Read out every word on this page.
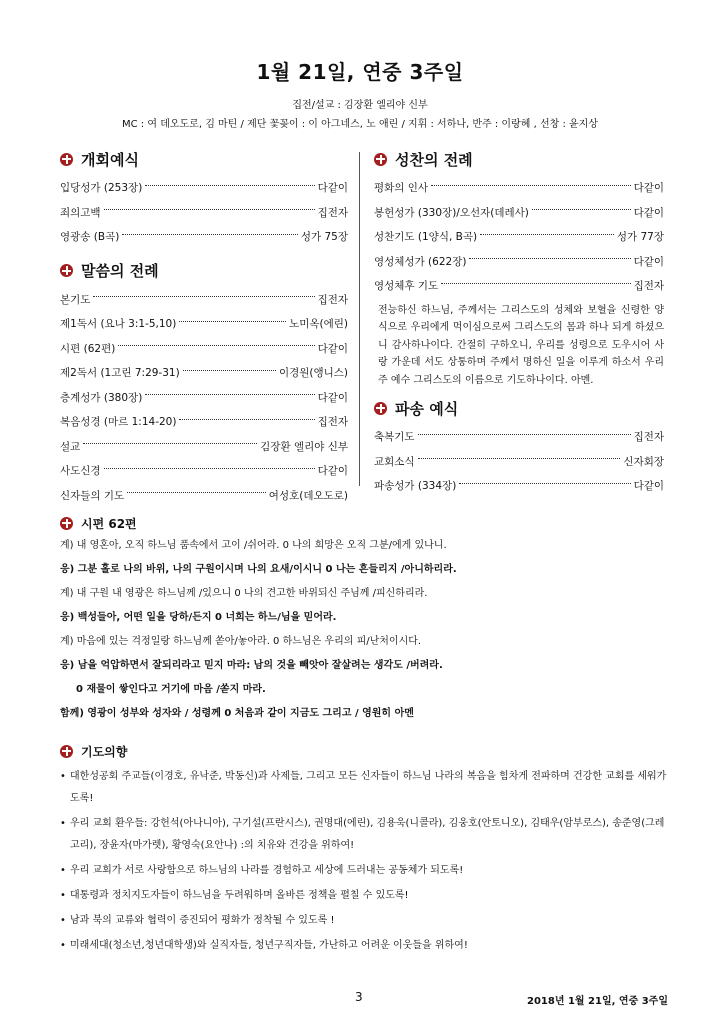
1월 21일, 연중 3주일
집전/설교 : 김장환 엘리야 신부
MC : 여 데오도로, 김 마틴 / 제단 꽃꽂이 : 이 아그네스, 노 애린 / 지휘 : 서하나, 반주 : 이랑혜 , 선창 : 윤지상
개회예식
입당성가 (253장)	다같이
죄의고백	집전자
영광송 (B곡)	성가 75장
말씀의 전례
본기도	집전자
제1독서 (요나 3:1-5,10)	노미옥(에린)
시편 (62편)	다같이
제2독서 (1고린 7:29-31)	이경원(앵니스)
층계성가 (380장)	다같이
복음성경 (마르 1:14-20)	집전자
설교	김장환 엘리야 신부
사도신경	다같이
신자들의 기도	여성호(데오도로)
성찬의 전례
평화의 인사	다같이
봉헌성가 (330장)/오선자(데레사)	다같이
성찬기도 (1양식, B곡)	성가 77장
영성체성가 (622장)	다같이
영성체후 기도	집전자

전능하신 하느님, 주께서는 그리스도의 성체와 보혈을 신령한 양식으로 우리에게 먹이심으로써 그리스도의 몸과 하나 되게 하셨으니 감사하나이다. 간절히 구하오니, 우리를 성령으로 도우시어 사랑 가운데 서도 상통하며 주께서 명하신 일을 이루게 하소서 우리 주 예수 그리스도의 이름으로 기도하나이다. 아멘.

파송 예식
축복기도	집전자
교회소식	신자회장
파송성가 (334장)	다같이
시편 62편
계) 내 영혼아, 오직 하느님 품속에서 고이 /쉬어라. 0 나의 희망은 오직 그분/에게 있나니.
응) 그분 홀로 나의 바위, 나의 구원이시며 나의 요새/이시니 0 나는 흔들리지 /아니하리라.
계) 내 구원 내 영광은 하느님께 /있으니 0 나의 견고한 바위되신 주님께 /피신하리라.
응) 백성들아, 어떤 일을 당하/든지 0 너희는 하느/님을 믿어라.
계) 마음에 있는 걱정일랑 하느님께 쏟아/놓아라. 0 하느님은 우리의 피/난처이시다.
응) 남을 억압하면서 잘되리라고 믿지 마라: 남의 것을 빼앗아 잘살려는 생각도 /버려라.
0 재물이 쌓인다고 거기에 마음 /쏟지 마라.
함께) 영광이 성부와 성자와 / 성령께 0 처음과 같이 지금도 그리고 / 영원히 아멘
기도의향
• 대한성공회 주교들(이경호, 유낙준, 박동신)과 사제들, 그리고 모든 신자들이 하느님 나라의 복음을 힘차게 전파하며 건강한 교회를 세워가도록!
• 우리 교회 환우들: 강헌석(아나니아), 구기설(프란시스), 권명대(에린), 김용욱(니콜라), 김웅호(안토니오), 김태우(암부로스), 송준영(그레고리), 장윤자(마가렛), 황영숙(요안나) :의 치유와 건강을 위하여!
• 우리 교회가 서로 사랑함으로 하느님의 나라를 경험하고 세상에 드러내는 공동체가 되도록!
• 대통령과 정치지도자들이 하느님을 두려워하며 올바른 정책을 펼칠 수 있도록!
• 남과 북의 교류와 협력이 증진되어 평화가 정착될 수 있도록 !
• 미래세대(청소년,청년대학생)와 실직자들, 청년구직자들, 가난하고 어려운 이웃들을 위하여!
3	2018년 1월 21일, 연중 3주일
